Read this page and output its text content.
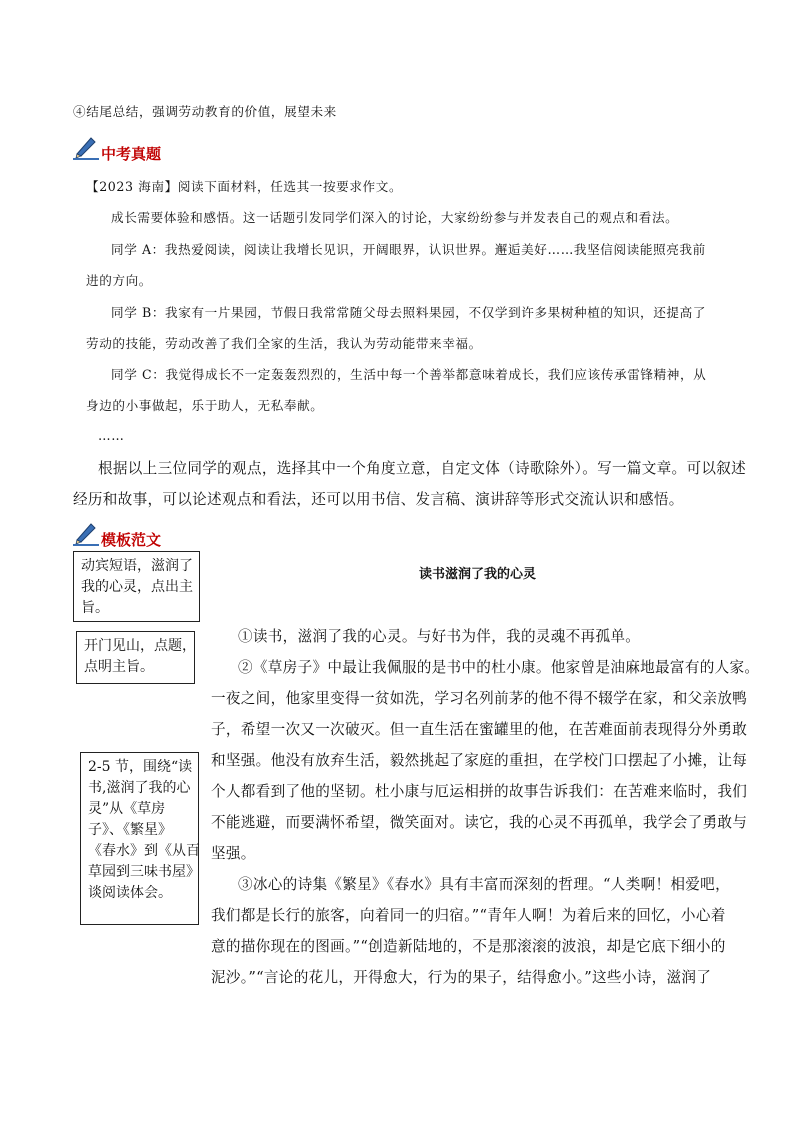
④结尾总结，强调劳动教育的价值，展望未来
中考真题
【2023 海南】阅读下面材料，任选其一按要求作文。
成长需要体验和感悟。这一话题引发同学们深入的讨论，大家纷纷参与并发表自己的观点和看法。
同学 A：我热爱阅读，阅读让我增长见识，开阔眼界，认识世界。邂逅美好……我坚信阅读能照亮我前
进的方向。
同学 B：我家有一片果园，节假日我常常随父母去照料果园，不仅学到许多果树种植的知识，还提高了
劳动的技能，劳动改善了我们全家的生活，我认为劳动能带来幸福。
同学 C：我觉得成长不一定轰轰烈烈的，生活中每一个善举都意味着成长，我们应该传承雷锋精神，从
身边的小事做起，乐于助人，无私奉献。
……
根据以上三位同学的观点，选择其中一个角度立意，自定文体（诗歌除外）。写一篇文章。可以叙述
经历和故事，可以论述观点和看法，还可以用书信、发言稿、演讲辞等形式交流认识和感悟。
模板范文
动宾短语，滋润了
我的心灵，点出主
旨。
开门见山，点题，
点明主旨。
2-5 节，围绕“读
书,滋润了我的心
灵”从《草房
子》、《繁星》
《春水》到《从百
草园到三味书屋》
谈阅读体会。
读书滋润了我的心灵
①读书，滋润了我的心灵。与好书为伴，我的灵魂不再孤单。
②《草房子》中最让我佩服的是书中的杜小康。他家曾是油麻地最富有的人家。
一夜之间，他家里变得一贫如洗，学习名列前茅的他不得不辍学在家，和父亲放鸭
子，希望一次又一次破灭。但一直生活在蜜罐里的他，在苦难面前表现得分外勇敢
和坚强。他没有放弃生活，毅然挑起了家庭的重担，在学校门口摆起了小摊，让每
个人都看到了他的坚韧。杜小康与厄运相拼的故事告诉我们：在苦难来临时，我们
不能逃避，而要满怀希望，微笑面对。读它，我的心灵不再孤单，我学会了勇敢与
坚强。
③冰心的诗集《繁星》《春水》具有丰富而深刻的哲理。“人类啊！相爱吧，
我们都是长行的旅客，向着同一的归宿。”“青年人啊！为着后来的回忆，小心着
意的描你现在的图画。”“创造新陆地的，不是那滚滚的波浪，却是它底下细小的
泥沙。”“言论的花儿，开得愈大，行为的果子，结得愈小。”这些小诗，滋润了
